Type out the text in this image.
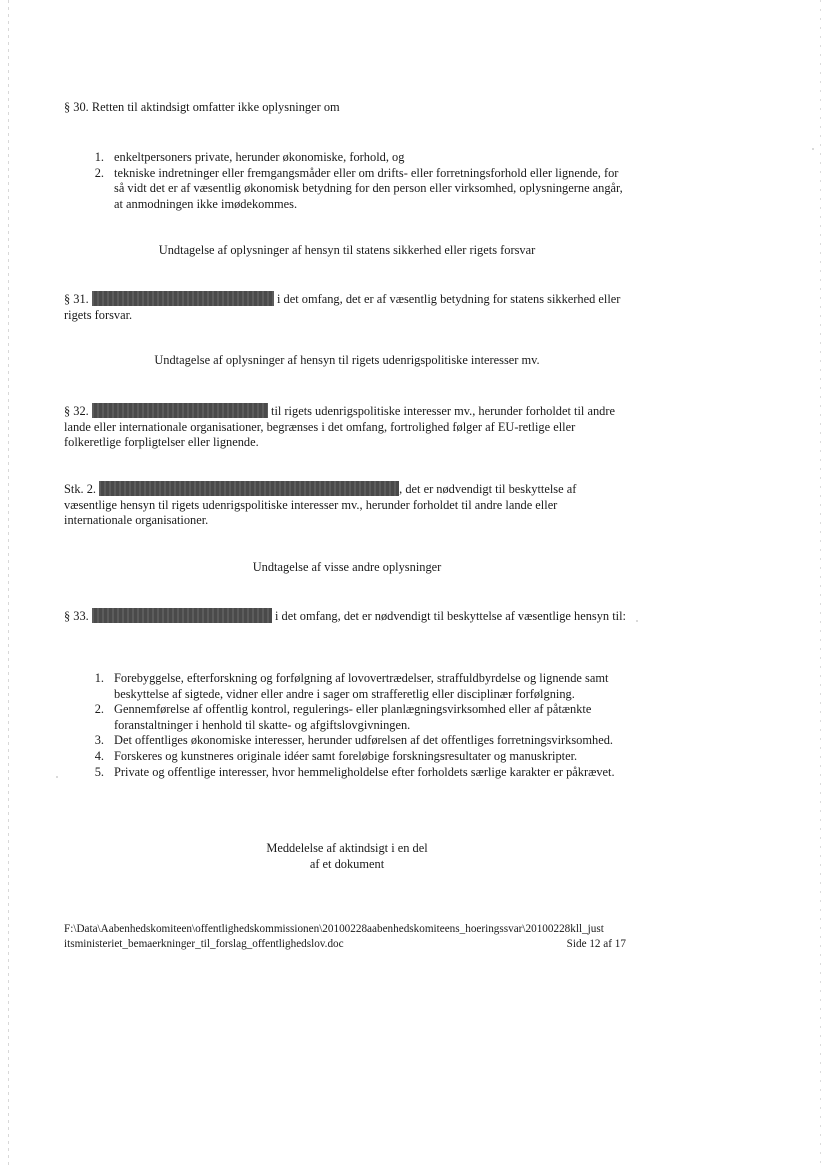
§ 30. Retten til aktindsigt omfatter ikke oplysninger om
1. enkeltpersoners private, herunder økonomiske, forhold, og
2. tekniske indretninger eller fremgangsmåder eller om drifts- eller forretningsforhold eller lignende, for så vidt det er af væsentlig økonomisk betydning for den person eller virksomhed, oplysningerne angår, at anmodningen ikke imødekommes.
Undtagelse af oplysninger af hensyn til statens sikkerhed eller rigets forsvar
§ 31.	i det omfang, det er af væsentlig betydning for statens sikkerhed eller rigets forsvar.
Undtagelse af oplysninger af hensyn til rigets udenrigspolitiske interesser mv.
§ 32.	til rigets udenrigspolitiske interesser mv., herunder forholdet til andre lande eller internationale organisationer, begrænses i det omfang, fortrolighed følger af EU-retlige eller folkeretlige forpligtelser eller lignende.
Stk. 2.	, det er nødvendigt til beskyttelse af væsentlige hensyn til rigets udenrigspolitiske interesser mv., herunder forholdet til andre lande eller internationale organisationer.
Undtagelse af visse andre oplysninger
§ 33.	i det omfang, det er nødvendigt til beskyttelse af væsentlige hensyn til:
1. Forebyggelse, efterforskning og forfølgning af lovovertrædelser, straffuldbyrdelse og lignende samt beskyttelse af sigtede, vidner eller andre i sager om strafferetlig eller disciplinær forfølgning.
2. Gennemførelse af offentlig kontrol, regulerings- eller planlægningsvirksomhed eller af påtænkte foranstaltninger i henhold til skatte- og afgiftslovgivningen.
3. Det offentliges økonomiske interesser, herunder udførelsen af det offentliges forretningsvirksomhed.
4. Forskeres og kunstneres originale idéer samt foreløbige forskningsresultater og manuskripter.
5. Private og offentlige interesser, hvor hemmeligholdelse efter forholdets særlige karakter er påkrævet.
Meddelelse af aktindsigt i en del
af et dokument
F:\Data\Aabenhedskomiteen\offentlighedskommissionen\20100228aabenhedskomiteens_hoeringssvar\20100228kll_just
itsministeriet_bemaerkninger_til_forslag_offentlighedslov.doc	Side 12 af 17
